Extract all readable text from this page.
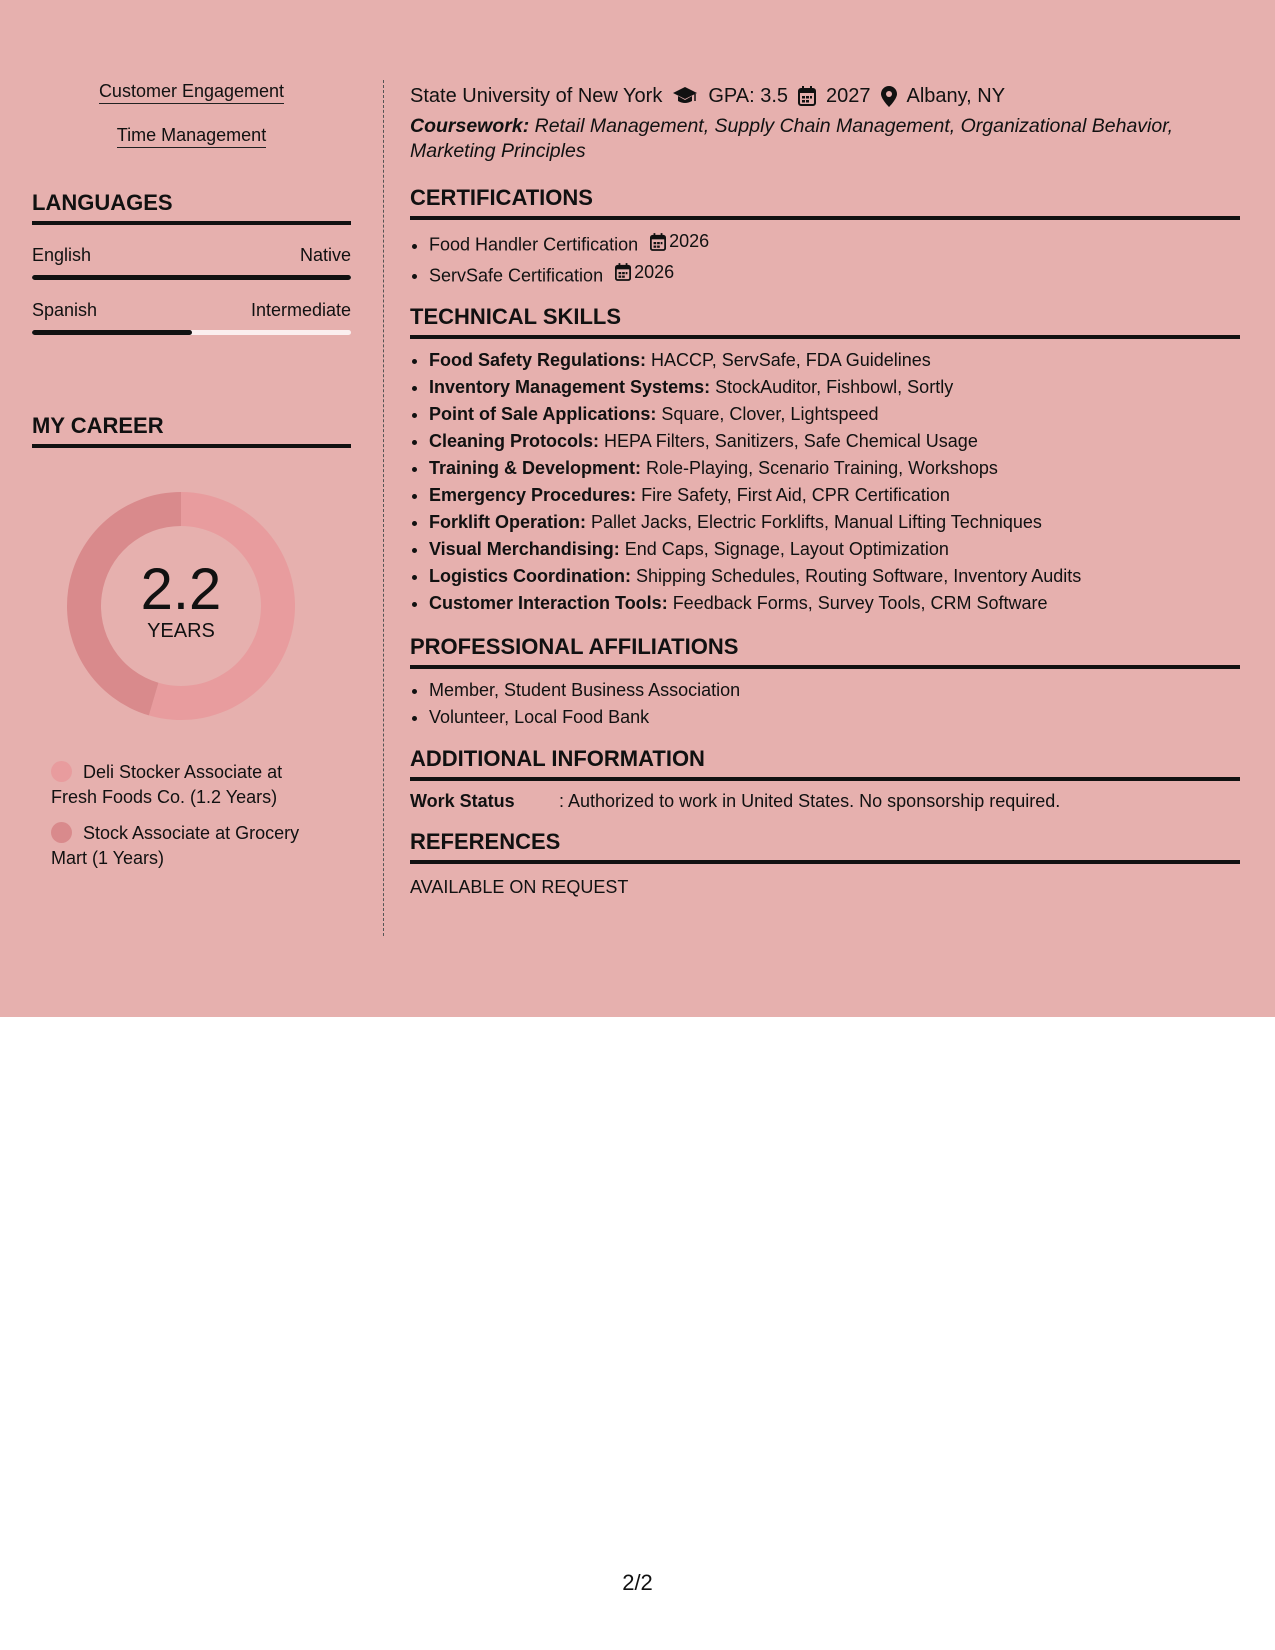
Customer Engagement
Time Management
LANGUAGES
English	Native
Spanish	Intermediate
MY CAREER
2.2
YEARS
Deli Stocker Associate at Fresh Foods Co. (1.2 Years)
Stock Associate at Grocery Mart (1 Years)
State University of New York GPA: 3.5 2027 Albany, NY
Coursework: Retail Management, Supply Chain Management, Organizational Behavior, Marketing Principles
CERTIFICATIONS
• Food Handler Certification 2026
• ServSafe Certification 2026
TECHNICAL SKILLS
• Food Safety Regulations: HACCP, ServSafe, FDA Guidelines
• Inventory Management Systems: StockAuditor, Fishbowl, Sortly
• Point of Sale Applications: Square, Clover, Lightspeed
• Cleaning Protocols: HEPA Filters, Sanitizers, Safe Chemical Usage
• Training & Development: Role-Playing, Scenario Training, Workshops
• Emergency Procedures: Fire Safety, First Aid, CPR Certification
• Forklift Operation: Pallet Jacks, Electric Forklifts, Manual Lifting Techniques
• Visual Merchandising: End Caps, Signage, Layout Optimization
• Logistics Coordination: Shipping Schedules, Routing Software, Inventory Audits
• Customer Interaction Tools: Feedback Forms, Survey Tools, CRM Software
PROFESSIONAL AFFILIATIONS
• Member, Student Business Association
• Volunteer, Local Food Bank
ADDITIONAL INFORMATION
Work Status	: Authorized to work in United States. No sponsorship required.
REFERENCES
AVAILABLE ON REQUEST
2/2
